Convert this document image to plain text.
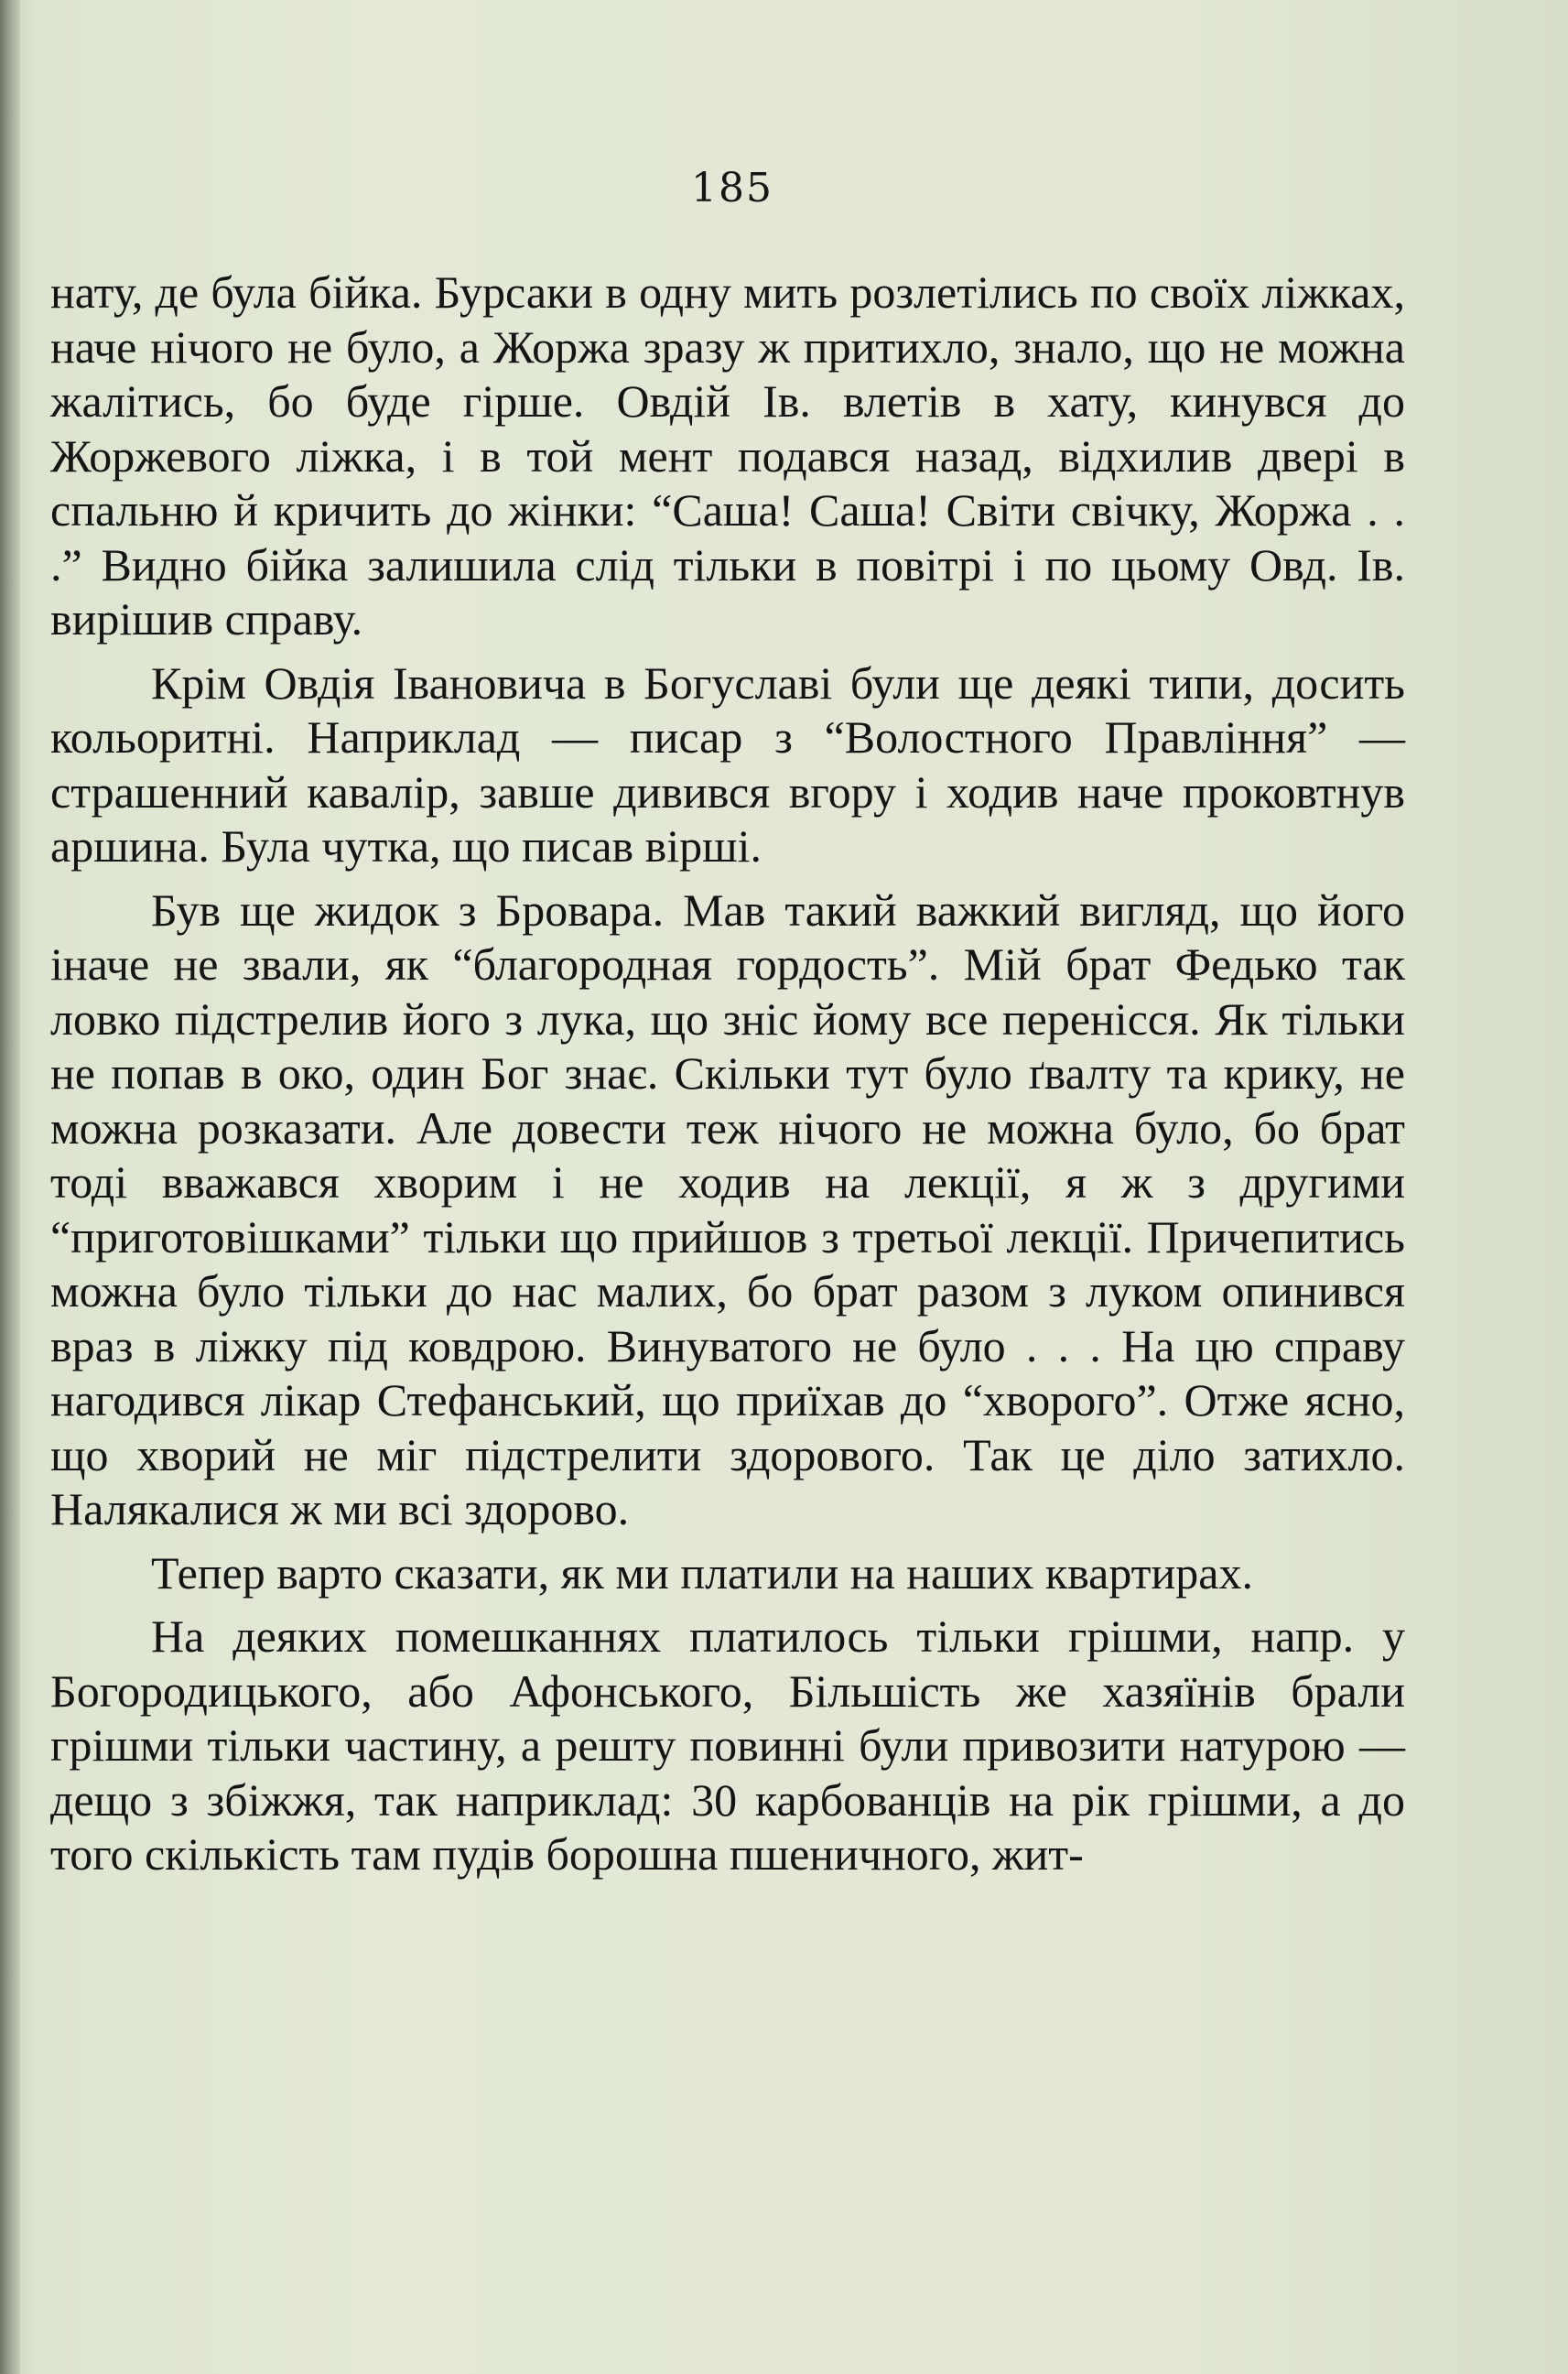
185

нату, де була бійка. Бурсаки в одну мить розлетілись по своїх ліжках, наче нічого не було, а Жоржа зразу ж притихло, знало, що не можна жалітись, бо буде гірше. Овдій Ів. влетів в хату, кинувся до Жоржевого ліжка, і в той мент подався назад, відхилив двері в спальню й кричить до жінки: “Саша! Саша! Світи свічку, Жоржа . . .” Видно бійка залишила слід тільки в повітрі і по цьому Овд. Ів. вирішив справу.

Крім Овдія Івановича в Богуславі були ще деякі типи, досить кольоритні. Наприклад — писар з “Волостного Правління” — страшенний кавалір, завше дивився вгору і ходив наче проковтнув аршина. Була чутка, що писав вірші.

Був ще жидок з Бровара. Мав такий важкий вигляд, що його іначе не звали, як “благородная гордость”. Мій брат Федько так ловко підстрелив його з лука, що зніс йому все перенісся. Як тільки не попав в око, один Бог знає. Скільки тут було ґвалту та крику, не можна розказати. Але довести теж нічого не можна було, бо брат тоді вважався хворим і не ходив на лекції, я ж з другими “приготовішками” тільки що прийшов з третьої лекції. Причепитись можна було тільки до нас малих, бо брат разом з луком опинився враз в ліжку під ковдрою. Винуватого не було . . . На цю справу нагодився лікар Стефанський, що приїхав до “хворого”. Отже ясно, що хворий не міг підстрелити здорового. Так це діло затихло. Налякалися ж ми всі здорово.

Тепер варто сказати, як ми платили на наших квартирах.

На деяких помешканнях платилось тільки грішми, напр. у Богородицького, або Афонського, Більшість же хазяїнів брали грішми тільки частину, а решту повинні були привозити натурою — дещо з збіжжя, так наприклад: 30 карбованців на рік грішми, а до того скількість там пудів борошна пшеничного, жит-
